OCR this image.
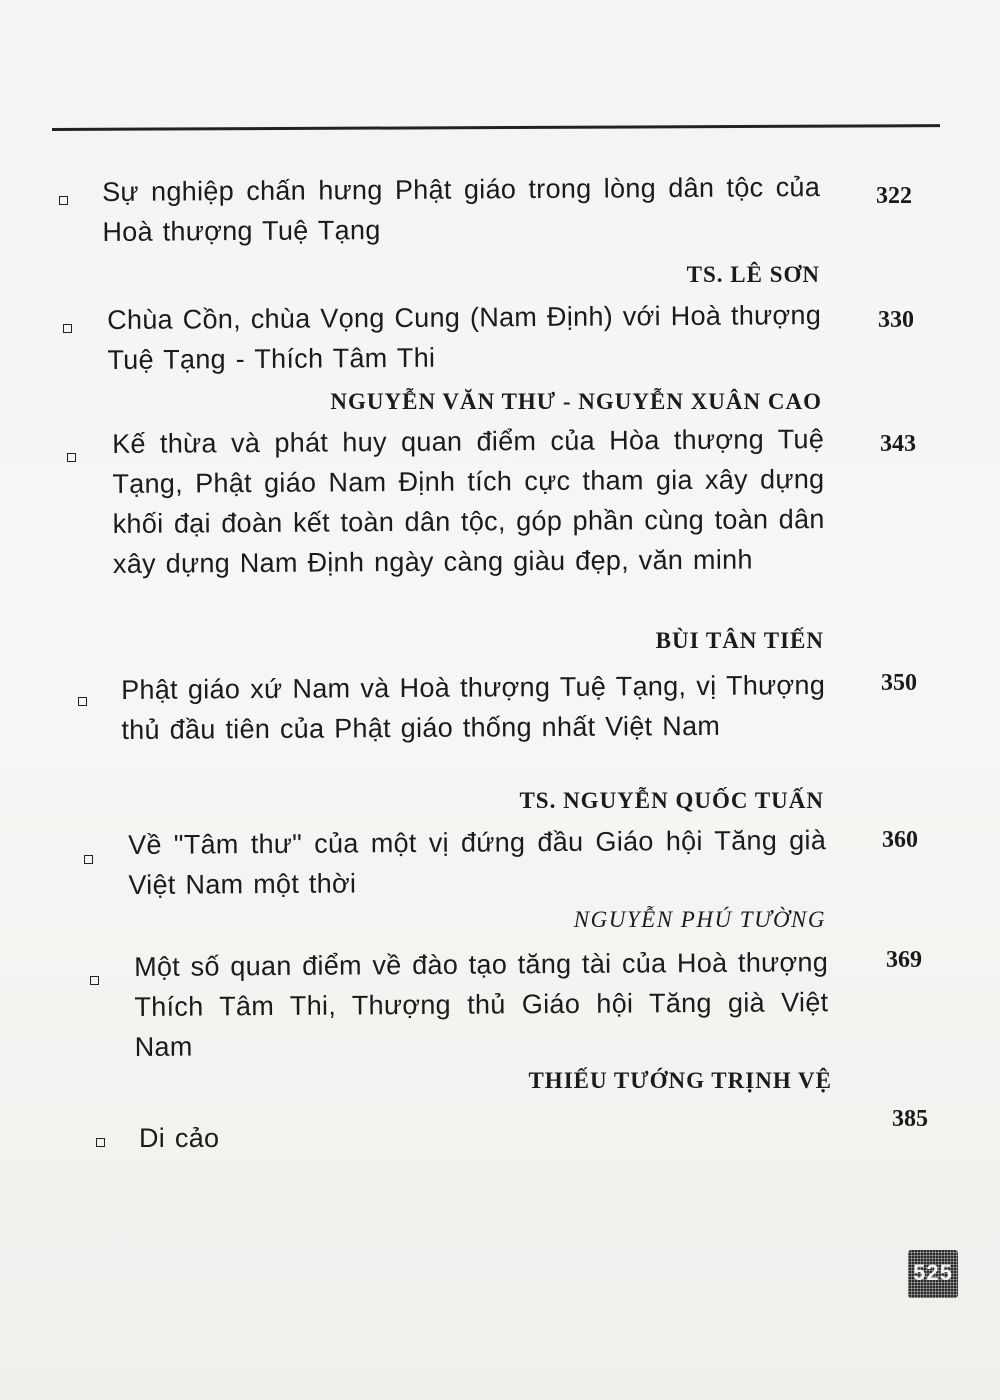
Sự nghiệp chấn hưng Phật giáo trong lòng dân tộc của Hoà thượng Tuệ Tạng
322
TS. LÊ SƠN
Chùa Cồn, chùa Vọng Cung (Nam Định) với Hoà thượng Tuệ Tạng - Thích Tâm Thi
330
NGUYỄN VĂN THƯ - NGUYỄN XUÂN CAO
Kế thừa và phát huy quan điểm của Hòa thượng Tuệ Tạng, Phật giáo Nam Định tích cực tham gia xây dựng khối đại đoàn kết toàn dân tộc, góp phần cùng toàn dân xây dựng Nam Định ngày càng giàu đẹp, văn minh
343
BÙI TÂN TIẾN
Phật giáo xứ Nam và Hoà thượng Tuệ Tạng, vị Thượng thủ đầu tiên của Phật giáo thống nhất Việt Nam
350
TS. NGUYỄN QUỐC TUẤN
Về "Tâm thư" của một vị đứng đầu Giáo hội Tăng già Việt Nam một thời
360
NGUYỄN PHÚ TƯỜNG
Một số quan điểm về đào tạo tăng tài của Hoà thượng Thích Tâm Thi, Thượng thủ Giáo hội Tăng già Việt Nam
369
THIẾU TƯỚNG TRỊNH VỆ
Di cảo
385
525
